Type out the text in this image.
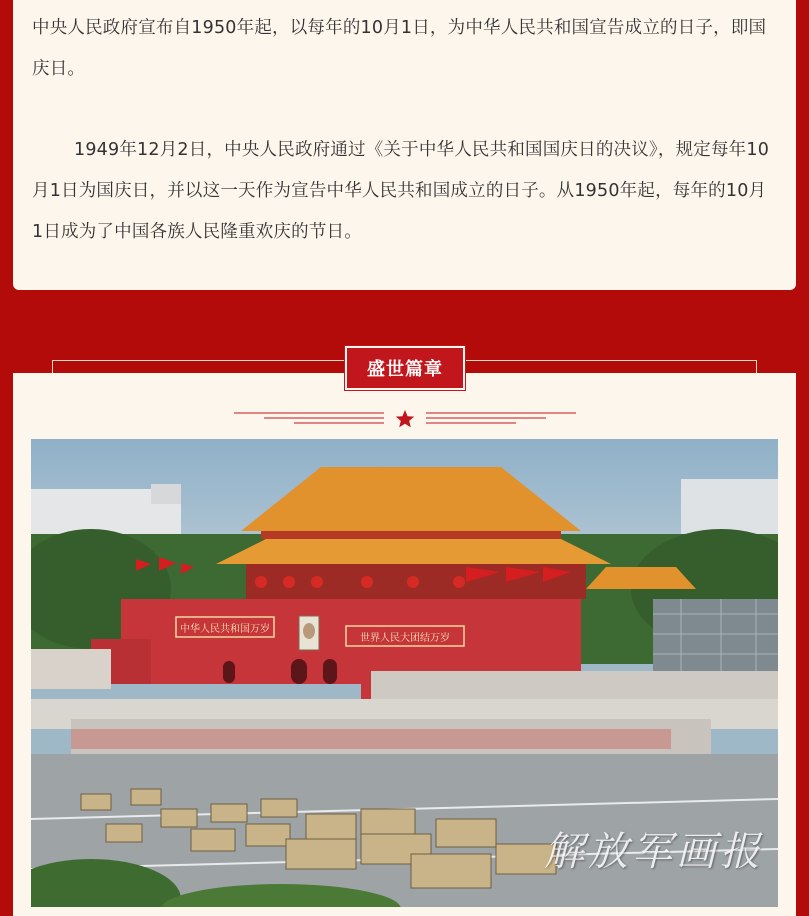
中央人民政府宣布自1950年起，以每年的10月1日，为中华人民共和国宣告成立的日子，即国庆日。

1949年12月2日，中央人民政府通过《关于中华人民共和国国庆日的决议》，规定每年10月1日为国庆日，并以这一天作为宣告中华人民共和国成立的日子。从1950年起，每年的10月1日成为了中国各族人民隆重欢庆的节日。

盛世篇章
中华人民共和国万岁
世界人民大团结万岁
解放军画报
